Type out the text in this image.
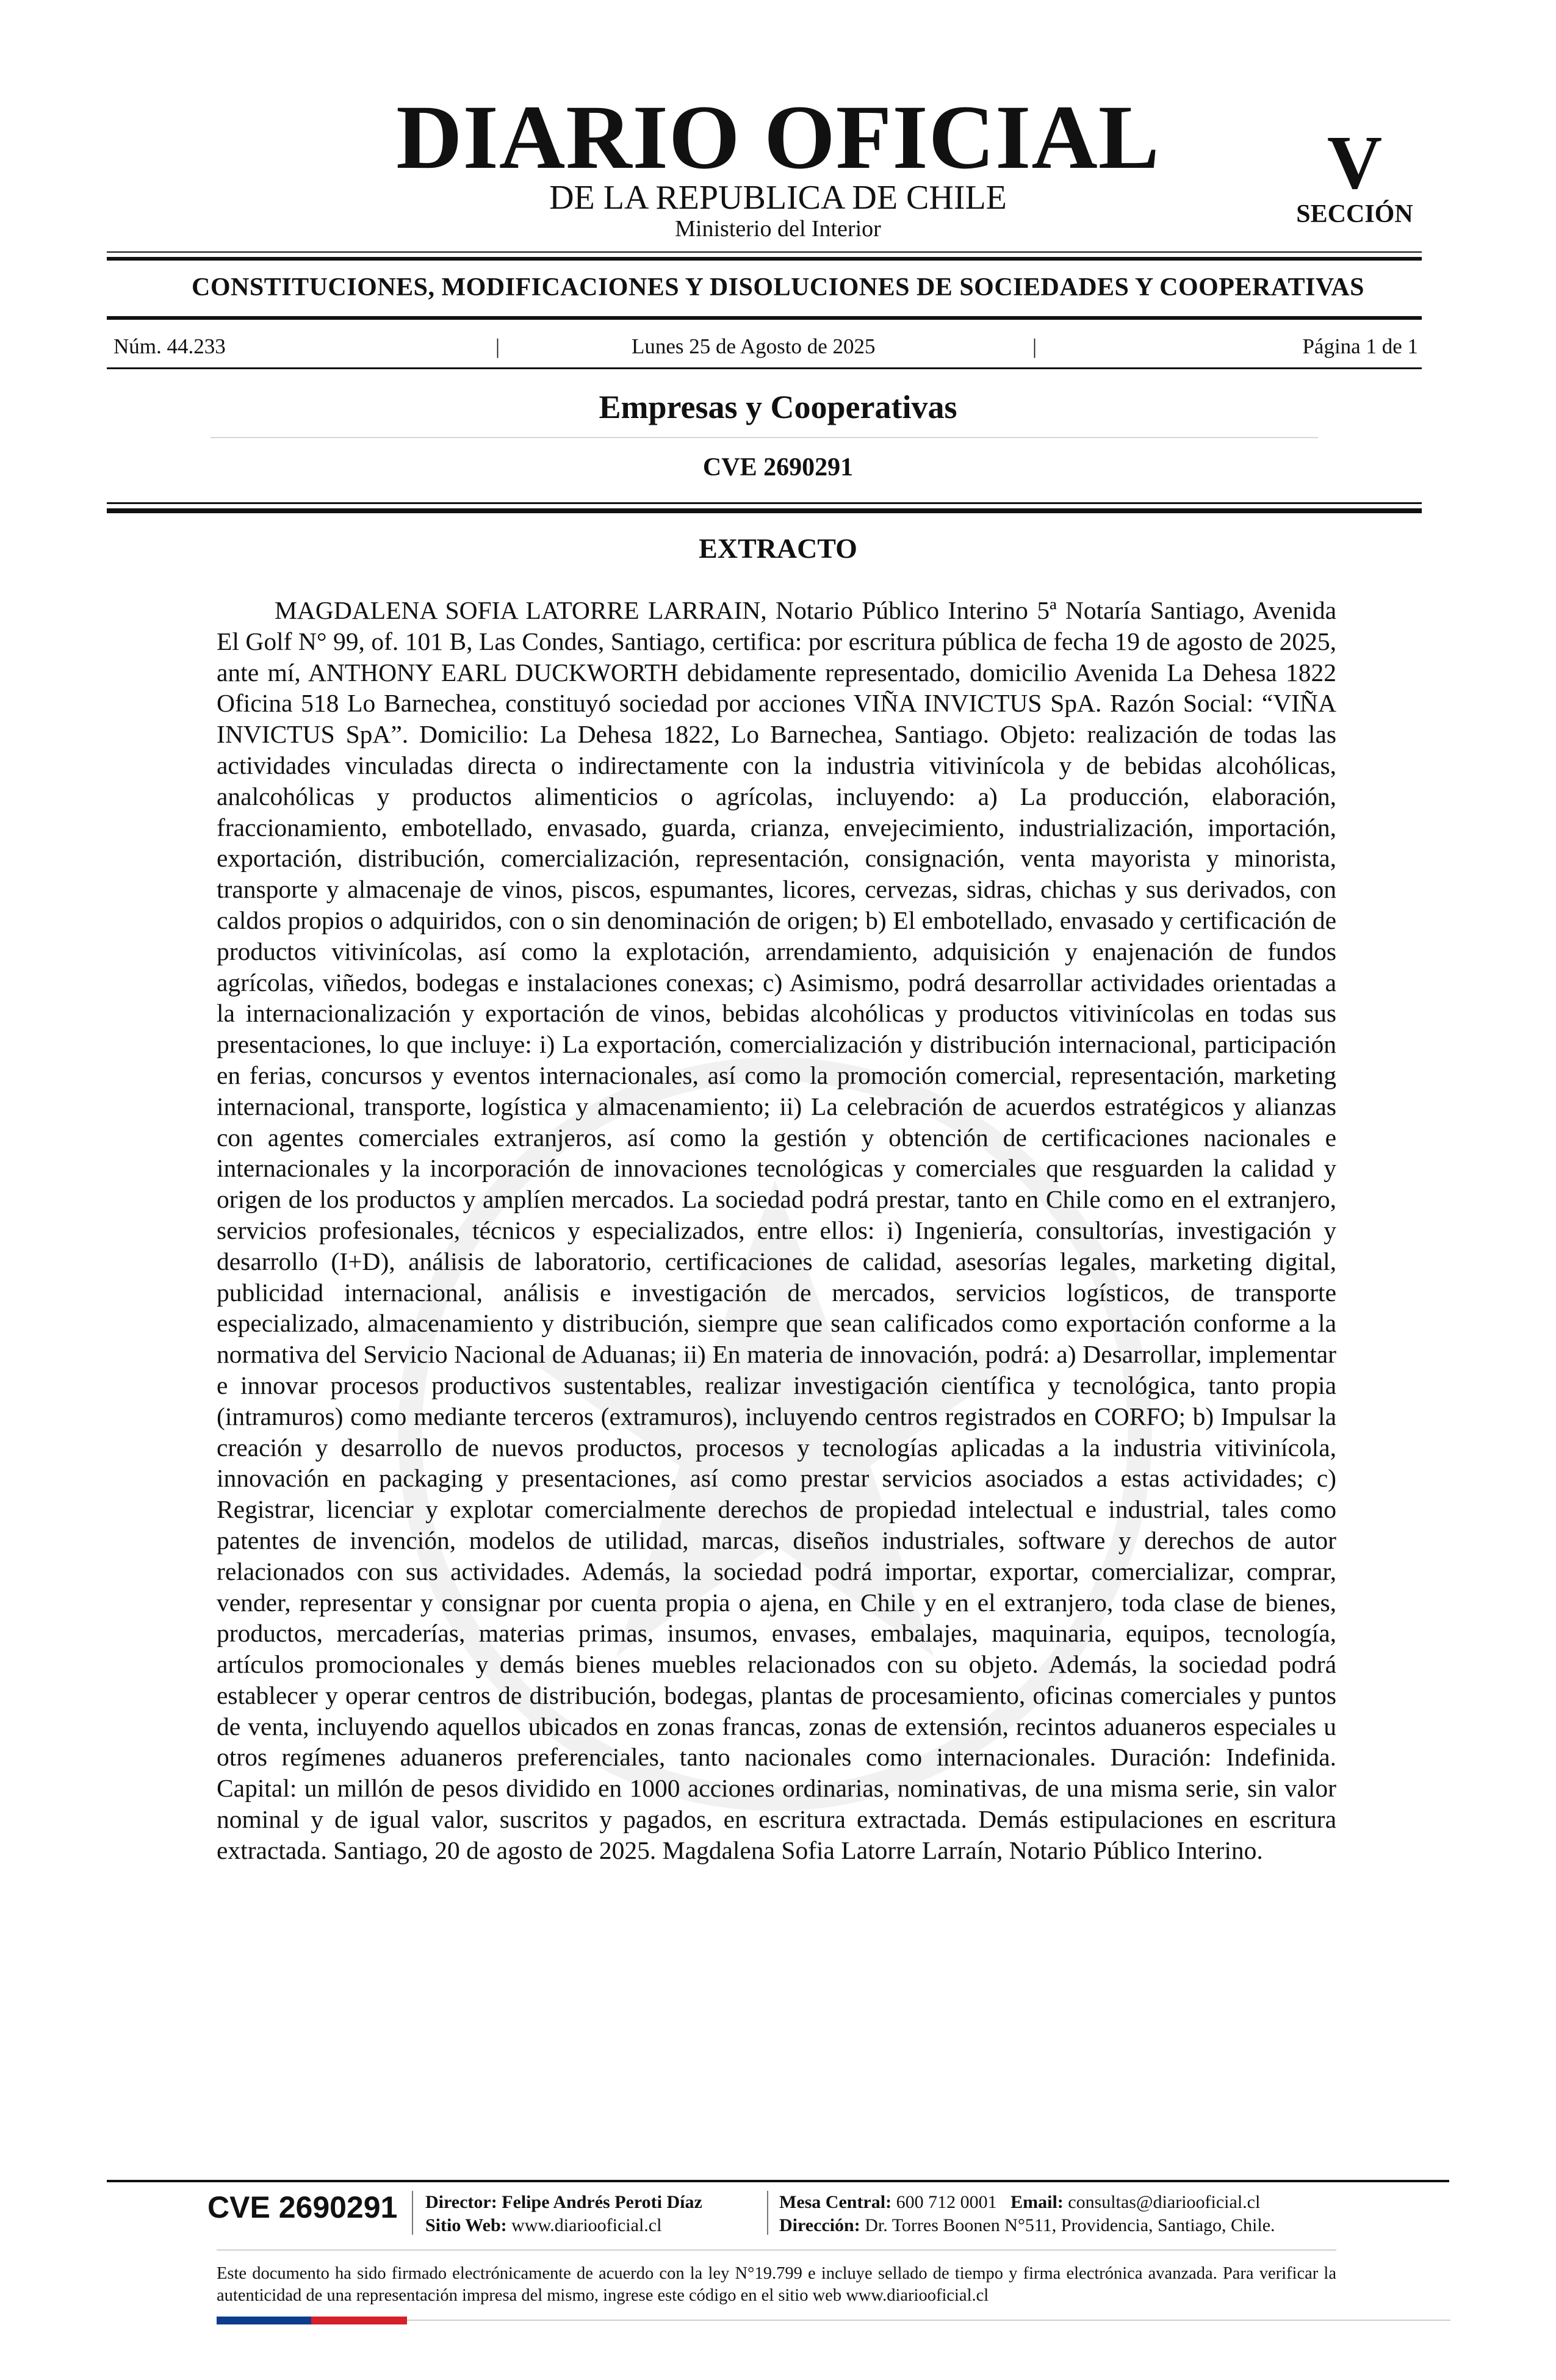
DIARIO OFICIAL
DE LA REPUBLICA DE CHILE
Ministerio del Interior
V
SECCIÓN
CONSTITUCIONES, MODIFICACIONES Y DISOLUCIONES DE SOCIEDADES Y COOPERATIVAS
Núm. 44.233	|	Lunes 25 de Agosto de 2025	|	Página 1 de 1
Empresas y Cooperativas
CVE 2690291
EXTRACTO
MAGDALENA SOFIA LATORRE LARRAIN, Notario Público Interino 5ª Notaría Santiago, Avenida El Golf N° 99, of. 101 B, Las Condes, Santiago, certifica: por escritura pública de fecha 19 de agosto de 2025, ante mí, ANTHONY EARL DUCKWORTH debidamente representado, domicilio Avenida La Dehesa 1822 Oficina 518 Lo Barnechea, constituyó sociedad por acciones VIÑA INVICTUS SpA. Razón Social: “VIÑA INVICTUS SpA”. Domicilio: La Dehesa 1822, Lo Barnechea, Santiago. Objeto: realización de todas las actividades vinculadas directa o indirectamente con la industria vitivinícola y de bebidas alcohólicas, analcohólicas y productos alimenticios o agrícolas, incluyendo: a) La producción, elaboración, fraccionamiento, embotellado, envasado, guarda, crianza, envejecimiento, industrialización, importación, exportación, distribución, comercialización, representación, consignación, venta mayorista y minorista, transporte y almacenaje de vinos, piscos, espumantes, licores, cervezas, sidras, chichas y sus derivados, con caldos propios o adquiridos, con o sin denominación de origen; b) El embotellado, envasado y certificación de productos vitivinícolas, así como la explotación, arrendamiento, adquisición y enajenación de fundos agrícolas, viñedos, bodegas e instalaciones conexas; c) Asimismo, podrá desarrollar actividades orientadas a la internacionalización y exportación de vinos, bebidas alcohólicas y productos vitivinícolas en todas sus presentaciones, lo que incluye: i) La exportación, comercialización y distribución internacional, participación en ferias, concursos y eventos internacionales, así como la promoción comercial, representación, marketing internacional, transporte, logística y almacenamiento; ii) La celebración de acuerdos estratégicos y alianzas con agentes comerciales extranjeros, así como la gestión y obtención de certificaciones nacionales e internacionales y la incorporación de innovaciones tecnológicas y comerciales que resguarden la calidad y origen de los productos y amplíen mercados. La sociedad podrá prestar, tanto en Chile como en el extranjero, servicios profesionales, técnicos y especializados, entre ellos: i) Ingeniería, consultorías, investigación y desarrollo (I+D), análisis de laboratorio, certificaciones de calidad, asesorías legales, marketing digital, publicidad internacional, análisis e investigación de mercados, servicios logísticos, de transporte especializado, almacenamiento y distribución, siempre que sean calificados como exportación conforme a la normativa del Servicio Nacional de Aduanas; ii) En materia de innovación, podrá: a) Desarrollar, implementar e innovar procesos productivos sustentables, realizar investigación científica y tecnológica, tanto propia (intramuros) como mediante terceros (extramuros), incluyendo centros registrados en CORFO; b) Impulsar la creación y desarrollo de nuevos productos, procesos y tecnologías aplicadas a la industria vitivinícola, innovación en packaging y presentaciones, así como prestar servicios asociados a estas actividades; c) Registrar, licenciar y explotar comercialmente derechos de propiedad intelectual e industrial, tales como patentes de invención, modelos de utilidad, marcas, diseños industriales, software y derechos de autor relacionados con sus actividades. Además, la sociedad podrá importar, exportar, comercializar, comprar, vender, representar y consignar por cuenta propia o ajena, en Chile y en el extranjero, toda clase de bienes, productos, mercaderías, materias primas, insumos, envases, embalajes, maquinaria, equipos, tecnología, artículos promocionales y demás bienes muebles relacionados con su objeto. Además, la sociedad podrá establecer y operar centros de distribución, bodegas, plantas de procesamiento, oficinas comerciales y puntos de venta, incluyendo aquellos ubicados en zonas francas, zonas de extensión, recintos aduaneros especiales u otros regímenes aduaneros preferenciales, tanto nacionales como internacionales. Duración: Indefinida. Capital: un millón de pesos dividido en 1000 acciones ordinarias, nominativas, de una misma serie, sin valor nominal y de igual valor, suscritos y pagados, en escritura extractada. Demás estipulaciones en escritura extractada. Santiago, 20 de agosto de 2025. Magdalena Sofia Latorre Larraín, Notario Público Interino.
CVE 2690291 Director: Felipe Andrés Peroti Díaz
Sitio Web: www.diariooficial.cl
Mesa Central: 600 712 0001 Email: consultas@diariooficial.cl
Dirección: Dr. Torres Boonen N°511, Providencia, Santiago, Chile.
Este documento ha sido firmado electrónicamente de acuerdo con la ley N°19.799 e incluye sellado de tiempo y firma electrónica avanzada. Para verificar la autenticidad de una representación impresa del mismo, ingrese este código en el sitio web www.diariooficial.cl
